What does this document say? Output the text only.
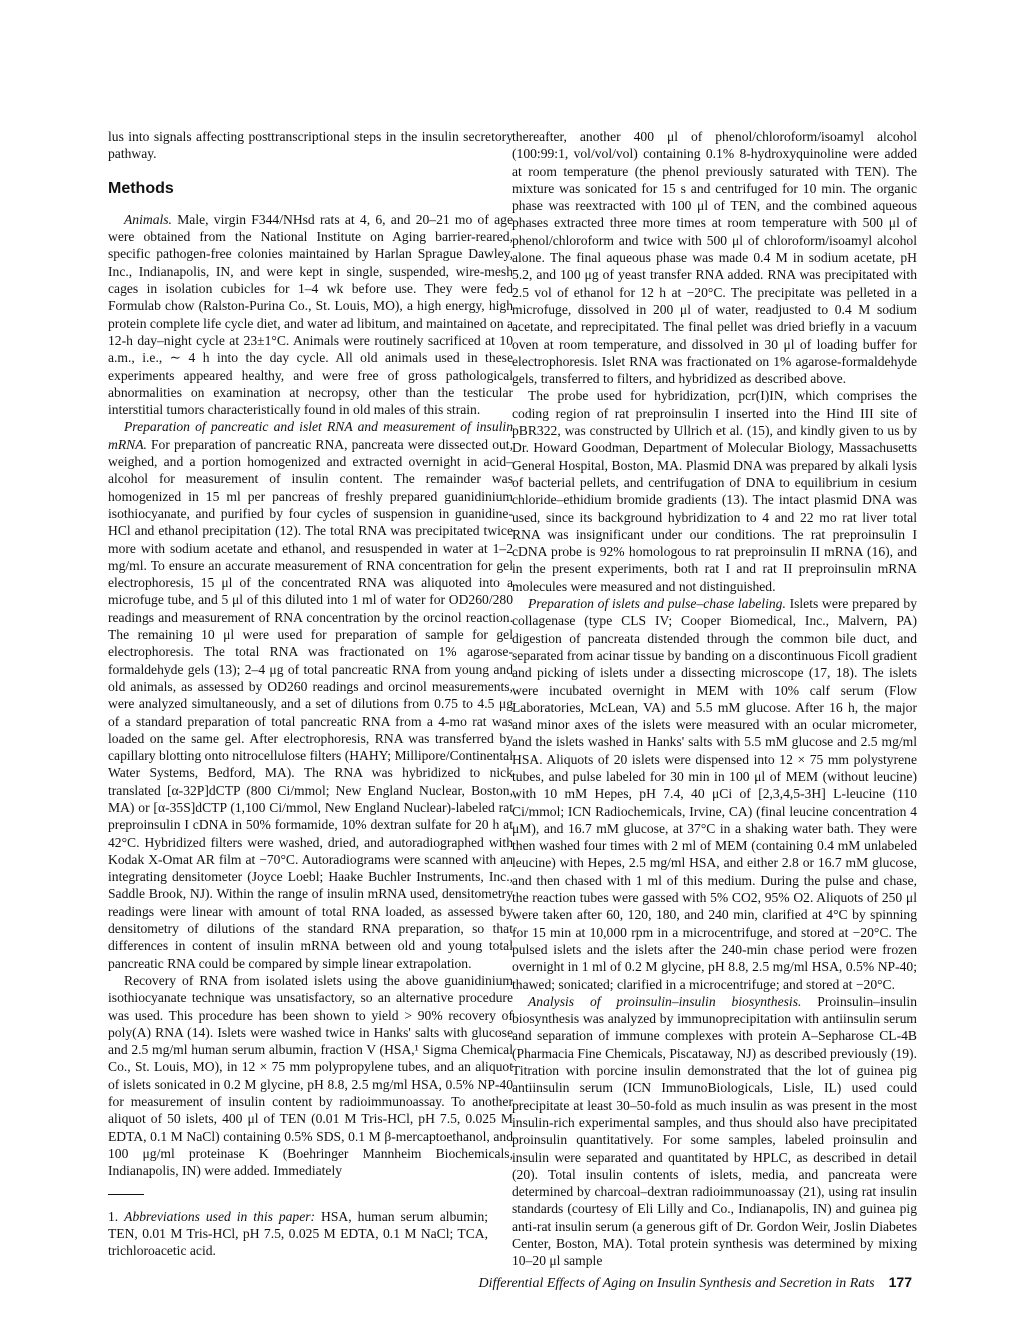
lus into signals affecting posttranscriptional steps in the insulin secretory pathway.

Methods

Animals. Male, virgin F344/NHsd rats at 4, 6, and 20–21 mo of age were obtained from the National Institute on Aging barrier-reared, specific pathogen-free colonies maintained by Harlan Sprague Dawley, Inc., Indianapolis, IN, and were kept in single, suspended, wire-mesh cages in isolation cubicles for 1–4 wk before use. They were fed Formulab chow (Ralston-Purina Co., St. Louis, MO), a high energy, high protein complete life cycle diet, and water ad libitum, and maintained on a 12-h day–night cycle at 23±1°C. Animals were routinely sacrificed at 10 a.m., i.e., ∼ 4 h into the day cycle. All old animals used in these experiments appeared healthy, and were free of gross pathological abnormalities on examination at necropsy, other than the testicular interstitial tumors characteristically found in old males of this strain.

Preparation of pancreatic and islet RNA and measurement of insulin mRNA. For preparation of pancreatic RNA, pancreata were dissected out, weighed, and a portion homogenized and extracted overnight in acid–alcohol for measurement of insulin content. The remainder was homogenized in 15 ml per pancreas of freshly prepared guanidinium isothiocyanate, and purified by four cycles of suspension in guanidine-HCl and ethanol precipitation (12). The total RNA was precipitated twice more with sodium acetate and ethanol, and resuspended in water at 1–2 mg/ml. To ensure an accurate measurement of RNA concentration for gel electrophoresis, 15 μl of the concentrated RNA was aliquoted into a microfuge tube, and 5 μl of this diluted into 1 ml of water for OD260/280 readings and measurement of RNA concentration by the orcinol reaction. The remaining 10 μl were used for preparation of sample for gel electrophoresis. The total RNA was fractionated on 1% agarose-formaldehyde gels (13); 2–4 μg of total pancreatic RNA from young and old animals, as assessed by OD260 readings and orcinol measurements, were analyzed simultaneously, and a set of dilutions from 0.75 to 4.5 μg of a standard preparation of total pancreatic RNA from a 4-mo rat was loaded on the same gel. After electrophoresis, RNA was transferred by capillary blotting onto nitrocellulose filters (HAHY; Millipore/Continental Water Systems, Bedford, MA). The RNA was hybridized to nick translated [α-32P]dCTP (800 Ci/mmol; New England Nuclear, Boston, MA) or [α-35S]dCTP (1,100 Ci/mmol, New England Nuclear)-labeled rat preproinsulin I cDNA in 50% formamide, 10% dextran sulfate for 20 h at 42°C. Hybridized filters were washed, dried, and autoradiographed with Kodak X-Omat AR film at −70°C. Autoradiograms were scanned with an integrating densitometer (Joyce Loebl; Haake Buchler Instruments, Inc., Saddle Brook, NJ). Within the range of insulin mRNA used, densitometry readings were linear with amount of total RNA loaded, as assessed by densitometry of dilutions of the standard RNA preparation, so that differences in content of insulin mRNA between old and young total pancreatic RNA could be compared by simple linear extrapolation.

Recovery of RNA from isolated islets using the above guanidinium isothiocyanate technique was unsatisfactory, so an alternative procedure was used. This procedure has been shown to yield > 90% recovery of poly(A) RNA (14). Islets were washed twice in Hanks' salts with glucose and 2.5 mg/ml human serum albumin, fraction V (HSA,¹ Sigma Chemical Co., St. Louis, MO), in 12 × 75 mm polypropylene tubes, and an aliquot of islets sonicated in 0.2 M glycine, pH 8.8, 2.5 mg/ml HSA, 0.5% NP-40 for measurement of insulin content by radioimmunoassay. To another aliquot of 50 islets, 400 μl of TEN (0.01 M Tris-HCl, pH 7.5, 0.025 M EDTA, 0.1 M NaCl) containing 0.5% SDS, 0.1 M β-mercaptoethanol, and 100 μg/ml proteinase K (Boehringer Mannheim Biochemicals, Indianapolis, IN) were added. Immediately

thereafter, another 400 μl of phenol/chloroform/isoamyl alcohol (100:99:1, vol/vol/vol) containing 0.1% 8-hydroxyquinoline were added at room temperature (the phenol previously saturated with TEN). The mixture was sonicated for 15 s and centrifuged for 10 min. The organic phase was reextracted with 100 μl of TEN, and the combined aqueous phases extracted three more times at room temperature with 500 μl of phenol/chloroform and twice with 500 μl of chloroform/isoamyl alcohol alone. The final aqueous phase was made 0.4 M in sodium acetate, pH 5.2, and 100 μg of yeast transfer RNA added. RNA was precipitated with 2.5 vol of ethanol for 12 h at −20°C. The precipitate was pelleted in a microfuge, dissolved in 200 μl of water, readjusted to 0.4 M sodium acetate, and reprecipitated. The final pellet was dried briefly in a vacuum oven at room temperature, and dissolved in 30 μl of loading buffer for electrophoresis. Islet RNA was fractionated on 1% agarose-formaldehyde gels, transferred to filters, and hybridized as described above.

The probe used for hybridization, pcr(I)IN, which comprises the coding region of rat preproinsulin I inserted into the Hind III site of pBR322, was constructed by Ullrich et al. (15), and kindly given to us by Dr. Howard Goodman, Department of Molecular Biology, Massachusetts General Hospital, Boston, MA. Plasmid DNA was prepared by alkali lysis of bacterial pellets, and centrifugation of DNA to equilibrium in cesium chloride–ethidium bromide gradients (13). The intact plasmid DNA was used, since its background hybridization to 4 and 22 mo rat liver total RNA was insignificant under our conditions. The rat preproinsulin I cDNA probe is 92% homologous to rat preproinsulin II mRNA (16), and in the present experiments, both rat I and rat II preproinsulin mRNA molecules were measured and not distinguished.

Preparation of islets and pulse–chase labeling. Islets were prepared by collagenase (type CLS IV; Cooper Biomedical, Inc., Malvern, PA) digestion of pancreata distended through the common bile duct, and separated from acinar tissue by banding on a discontinuous Ficoll gradient and picking of islets under a dissecting microscope (17, 18). The islets were incubated overnight in MEM with 10% calf serum (Flow Laboratories, McLean, VA) and 5.5 mM glucose. After 16 h, the major and minor axes of the islets were measured with an ocular micrometer, and the islets washed in Hanks' salts with 5.5 mM glucose and 2.5 mg/ml HSA. Aliquots of 20 islets were dispensed into 12 × 75 mm polystyrene tubes, and pulse labeled for 30 min in 100 μl of MEM (without leucine) with 10 mM Hepes, pH 7.4, 40 μCi of [2,3,4,5-3H] L-leucine (110 Ci/mmol; ICN Radiochemicals, Irvine, CA) (final leucine concentration 4 μM), and 16.7 mM glucose, at 37°C in a shaking water bath. They were then washed four times with 2 ml of MEM (containing 0.4 mM unlabeled leucine) with Hepes, 2.5 mg/ml HSA, and either 2.8 or 16.7 mM glucose, and then chased with 1 ml of this medium. During the pulse and chase, the reaction tubes were gassed with 5% CO2, 95% O2. Aliquots of 250 μl were taken after 60, 120, 180, and 240 min, clarified at 4°C by spinning for 15 min at 10,000 rpm in a microcentrifuge, and stored at −20°C. The pulsed islets and the islets after the 240-min chase period were frozen overnight in 1 ml of 0.2 M glycine, pH 8.8, 2.5 mg/ml HSA, 0.5% NP-40; thawed; sonicated; clarified in a microcentrifuge; and stored at −20°C.

Analysis of proinsulin–insulin biosynthesis. Proinsulin–insulin biosynthesis was analyzed by immunoprecipitation with antiinsulin serum and separation of immune complexes with protein A–Sepharose CL-4B (Pharmacia Fine Chemicals, Piscataway, NJ) as described previously (19). Titration with porcine insulin demonstrated that the lot of guinea pig antiinsulin serum (ICN ImmunoBiologicals, Lisle, IL) used could precipitate at least 30–50-fold as much insulin as was present in the most insulin-rich experimental samples, and thus should also have precipitated proinsulin quantitatively. For some samples, labeled proinsulin and insulin were separated and quantitated by HPLC, as described in detail (20). Total insulin contents of islets, media, and pancreata were determined by charcoal–dextran radioimmunoassay (21), using rat insulin standards (courtesy of Eli Lilly and Co., Indianapolis, IN) and guinea pig anti-rat insulin serum (a generous gift of Dr. Gordon Weir, Joslin Diabetes Center, Boston, MA). Total protein synthesis was determined by mixing 10–20 μl sample

1. Abbreviations used in this paper: HSA, human serum albumin; TEN, 0.01 M Tris-HCl, pH 7.5, 0.025 M EDTA, 0.1 M NaCl; TCA, trichloroacetic acid.
Differential Effects of Aging on Insulin Synthesis and Secretion in Rats 177
